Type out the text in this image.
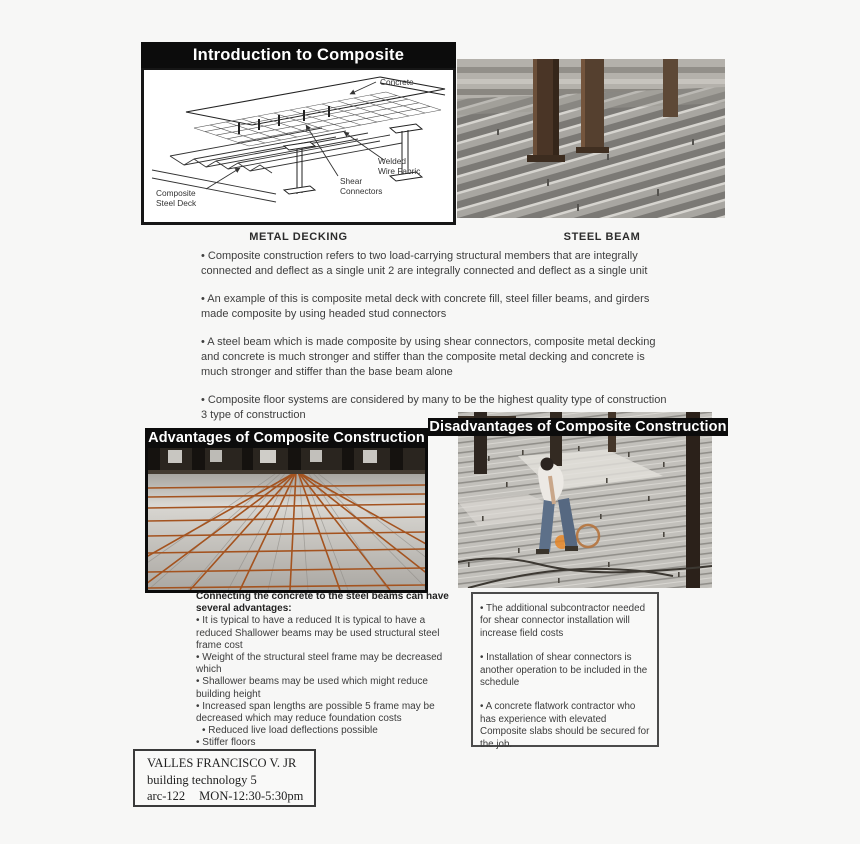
Introduction to Composite Construction	Concrete
Welded
Wire Fabric
Shear
Connectors
Composite
Steel Deck
METAL DECKING	STEEL BEAM

• Composite construction refers to two load-carrying structural members that are integrally connected and deflect as a single unit 2 are integrally connected and deflect as a single unit

• An example of this is composite metal deck with concrete fill, steel filler beams, and girders made composite by using headed stud connectors

• A steel beam which is made composite by using shear connectors, composite metal decking and concrete is much stronger and stiffer than the composite metal decking and concrete is much stronger and stiffer than the base beam alone

• Composite floor systems are considered by many to be the highest quality type of construction 3 type of construction

Advantages of Composite Construction
Disadvantages of Composite Construction

Connecting the concrete to the steel beams can have several advantages:

• It is typical to have a reduced It is typical to have a reduced Shallower beams may be used structural steel frame cost
• Weight of the structural steel frame may be decreased which
• Shallower beams may be used which might reduce building height
• Increased span lengths are possible 5 frame may be decreased which may reduce foundation costs
• Reduced live load deflections possible
• Stiffer floors
• The additional subcontractor needed for shear connector installation will increase field costs
• Installation of shear connectors is another operation to be included in the schedule
• A concrete flatwork contractor who has experience with elevated Composite slabs should be secured for the job.
VALLES FRANCISCO V. JR
building technology 5
arc-122 MON-12:30-5:30pm
